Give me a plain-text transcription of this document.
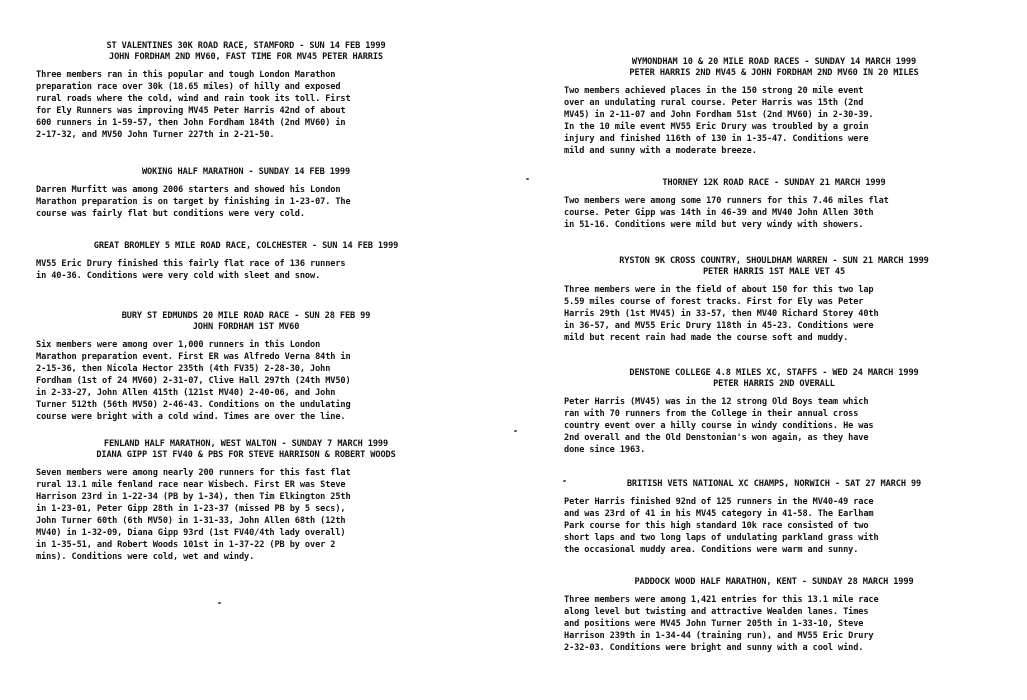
ST VALENTINES 30K ROAD RACE, STAMFORD - SUN 14 FEB 1999
JOHN FORDHAM 2ND MV60, FAST TIME FOR MV45 PETER HARRIS
Three members ran in this popular and tough London Marathon
preparation race over 30k (18.65 miles) of hilly and exposed
rural roads where the cold, wind and rain took its toll. First
for Ely Runners was improving MV45 Peter Harris 42nd of about
600 runners in 1-59-57, then John Fordham 184th (2nd MV60) in
2-17-32, and MV50 John Turner 227th in 2-21-50.
WOKING HALF MARATHON - SUNDAY 14 FEB 1999
Darren Murfitt was among 2006 starters and showed his London
Marathon preparation is on target by finishing in 1-23-07. The
course was fairly flat but conditions were very cold.
GREAT BROMLEY 5 MILE ROAD RACE, COLCHESTER - SUN 14 FEB 1999
MV55 Eric Drury finished this fairly flat race of 136 runners
in 40-36. Conditions were very cold with sleet and snow.
BURY ST EDMUNDS 20 MILE ROAD RACE - SUN 28 FEB 99
JOHN FORDHAM 1ST MV60
Six members were among over 1,000 runners in this London
Marathon preparation event. First ER was Alfredo Verna 84th in
2-15-36, then Nicola Hector 235th (4th FV35) 2-28-30, John
Fordham (1st of 24 MV60) 2-31-07, Clive Hall 297th (24th MV50)
in 2-33-27, John Allen 415th (121st MV40) 2-40-06, and John
Turner 512th (56th MV50) 2-46-43. Conditions on the undulating
course were bright with a cold wind. Times are over the line.
FENLAND HALF MARATHON, WEST WALTON - SUNDAY 7 MARCH 1999
DIANA GIPP 1ST FV40 & PBS FOR STEVE HARRISON & ROBERT WOODS
Seven members were among nearly 200 runners for this fast flat
rural 13.1 mile fenland race near Wisbech. First ER was Steve
Harrison 23rd in 1-22-34 (PB by 1-34), then Tim Elkington 25th
in 1-23-01, Peter Gipp 28th in 1-23-37 (missed PB by 5 secs),
John Turner 60th (6th MV50) in 1-31-33, John Allen 68th (12th
MV40) in 1-32-09, Diana Gipp 93rd (1st FV40/4th lady overall)
in 1-35-51, and Robert Woods 101st in 1-37-22 (PB by over 2
mins). Conditions were cold, wet and windy.
WYMONDHAM 10 & 20 MILE ROAD RACES - SUNDAY 14 MARCH 1999
PETER HARRIS 2ND MV45 & JOHN FORDHAM 2ND MV60 IN 20 MILES
Two members achieved places in the 150 strong 20 mile event
over an undulating rural course. Peter Harris was 15th (2nd
MV45) in 2-11-07 and John Fordham 51st (2nd MV60) in 2-30-39.
In the 10 mile event MV55 Eric Drury was troubled by a groin
injury and finished 116th of 130 in 1-35-47. Conditions were
mild and sunny with a moderate breeze.
THORNEY 12K ROAD RACE - SUNDAY 21 MARCH 1999
Two members were among some 170 runners for this 7.46 miles flat
course. Peter Gipp was 14th in 46-39 and MV40 John Allen 30th
in 51-16. Conditions were mild but very windy with showers.
RYSTON 9K CROSS COUNTRY, SHOULDHAM WARREN - SUN 21 MARCH 1999
PETER HARRIS 1ST MALE VET 45
Three members were in the field of about 150 for this two lap
5.59 miles course of forest tracks. First for Ely was Peter
Harris 29th (1st MV45) in 33-57, then MV40 Richard Storey 40th
in 36-57, and MV55 Eric Drury 118th in 45-23. Conditions were
mild but recent rain had made the course soft and muddy.
DENSTONE COLLEGE 4.8 MILES XC, STAFFS - WED 24 MARCH 1999
PETER HARRIS 2ND OVERALL
Peter Harris (MV45) was in the 12 strong Old Boys team which
ran with 70 runners from the College in their annual cross
country event over a hilly course in windy conditions. He was
2nd overall and the Old Denstonian's won again, as they have
done since 1963.
BRITISH VETS NATIONAL XC CHAMPS, NORWICH - SAT 27 MARCH 99
Peter Harris finished 92nd of 125 runners in the MV40-49 race
and was 23rd of 41 in his MV45 category in 41-58. The Earlham
Park course for this high standard 10k race consisted of two
short laps and two long laps of undulating parkland grass with
the occasional muddy area. Conditions were warm and sunny.
PADDOCK WOOD HALF MARATHON, KENT - SUNDAY 28 MARCH 1999
Three members were among 1,421 entries for this 13.1 mile race
along level but twisting and attractive Wealden lanes. Times
and positions were MV45 John Turner 205th in 1-33-10, Steve
Harrison 239th in 1-34-44 (training run), and MV55 Eric Drury
2-32-03. Conditions were bright and sunny with a cool wind.
